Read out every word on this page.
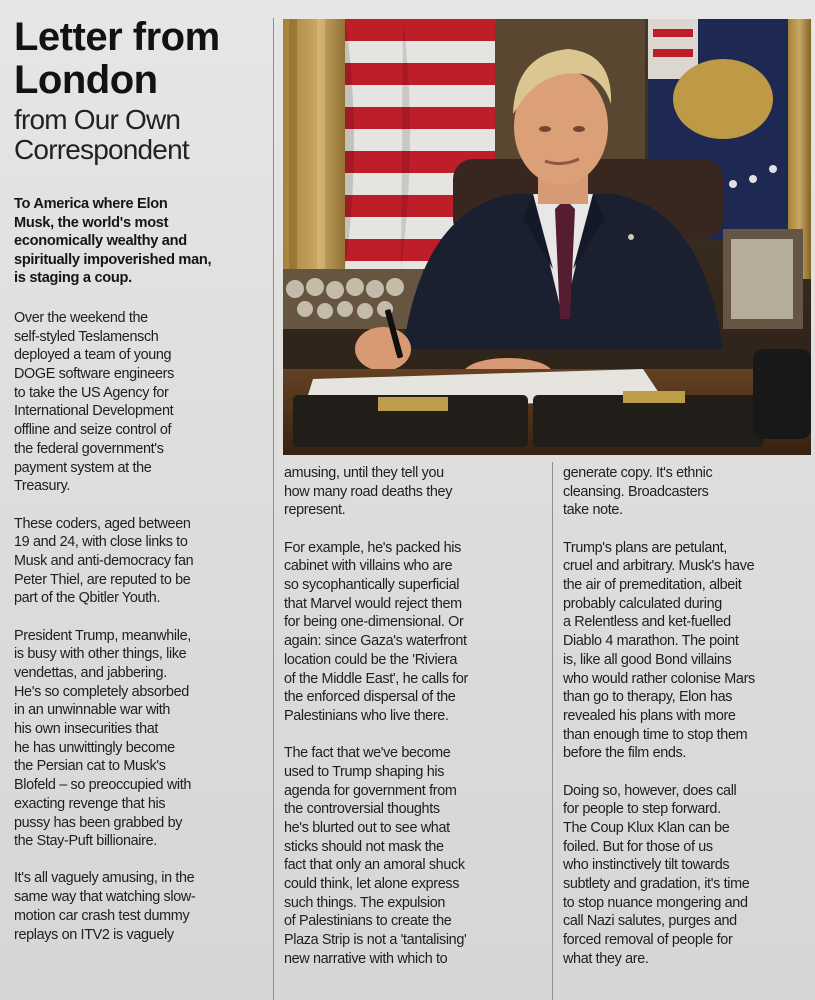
Letter from
London
from Our Own
Correspondent

To America where Elon
Musk, the world's most
economically wealthy and
spiritually impoverished man,
is staging a coup.

Over the weekend the
self-styled Teslamensch
deployed a team of young
DOGE software engineers
to take the US Agency for
International Development
offline and seize control of
the federal government's
payment system at the
Treasury.

These coders, aged between
19 and 24, with close links to
Musk and anti-democracy fan
Peter Thiel, are reputed to be
part of the Qbitler Youth.

President Trump, meanwhile,
is busy with other things, like
vendettas, and jabbering.
He's so completely absorbed
in an unwinnable war with
his own insecurities that
he has unwittingly become
the Persian cat to Musk's
Blofeld – so preoccupied with
exacting revenge that his
pussy has been grabbed by
the Stay-Puft billionaire.

It's all vaguely amusing, in the
same way that watching slow-
motion car crash test dummy
replays on ITV2 is vaguely

amusing, until they tell you
how many road deaths they
represent.

For example, he's packed his
cabinet with villains who are
so sycophantically superficial
that Marvel would reject them
for being one-dimensional. Or
again: since Gaza's waterfront
location could be the 'Riviera
of the Middle East', he calls for
the enforced dispersal of the
Palestinians who live there.

The fact that we've become
used to Trump shaping his
agenda for government from
the controversial thoughts
he's blurted out to see what
sticks should not mask the
fact that only an amoral shuck
could think, let alone express
such things. The expulsion
of Palestinians to create the
Plaza Strip is not a 'tantalising'
new narrative with which to

generate copy. It's ethnic
cleansing. Broadcasters
take note.

Trump's plans are petulant,
cruel and arbitrary. Musk's have
the air of premeditation, albeit
probably calculated during
a Relentless and ket-fuelled
Diablo 4 marathon. The point
is, like all good Bond villains
who would rather colonise Mars
than go to therapy, Elon has
revealed his plans with more
than enough time to stop them
before the film ends.

Doing so, however, does call
for people to step forward.
The Coup Klux Klan can be
foiled. But for those of us
who instinctively tilt towards
subtlety and gradation, it's time
to stop nuance mongering and
call Nazi salutes, purges and
forced removal of people for
what they are.
